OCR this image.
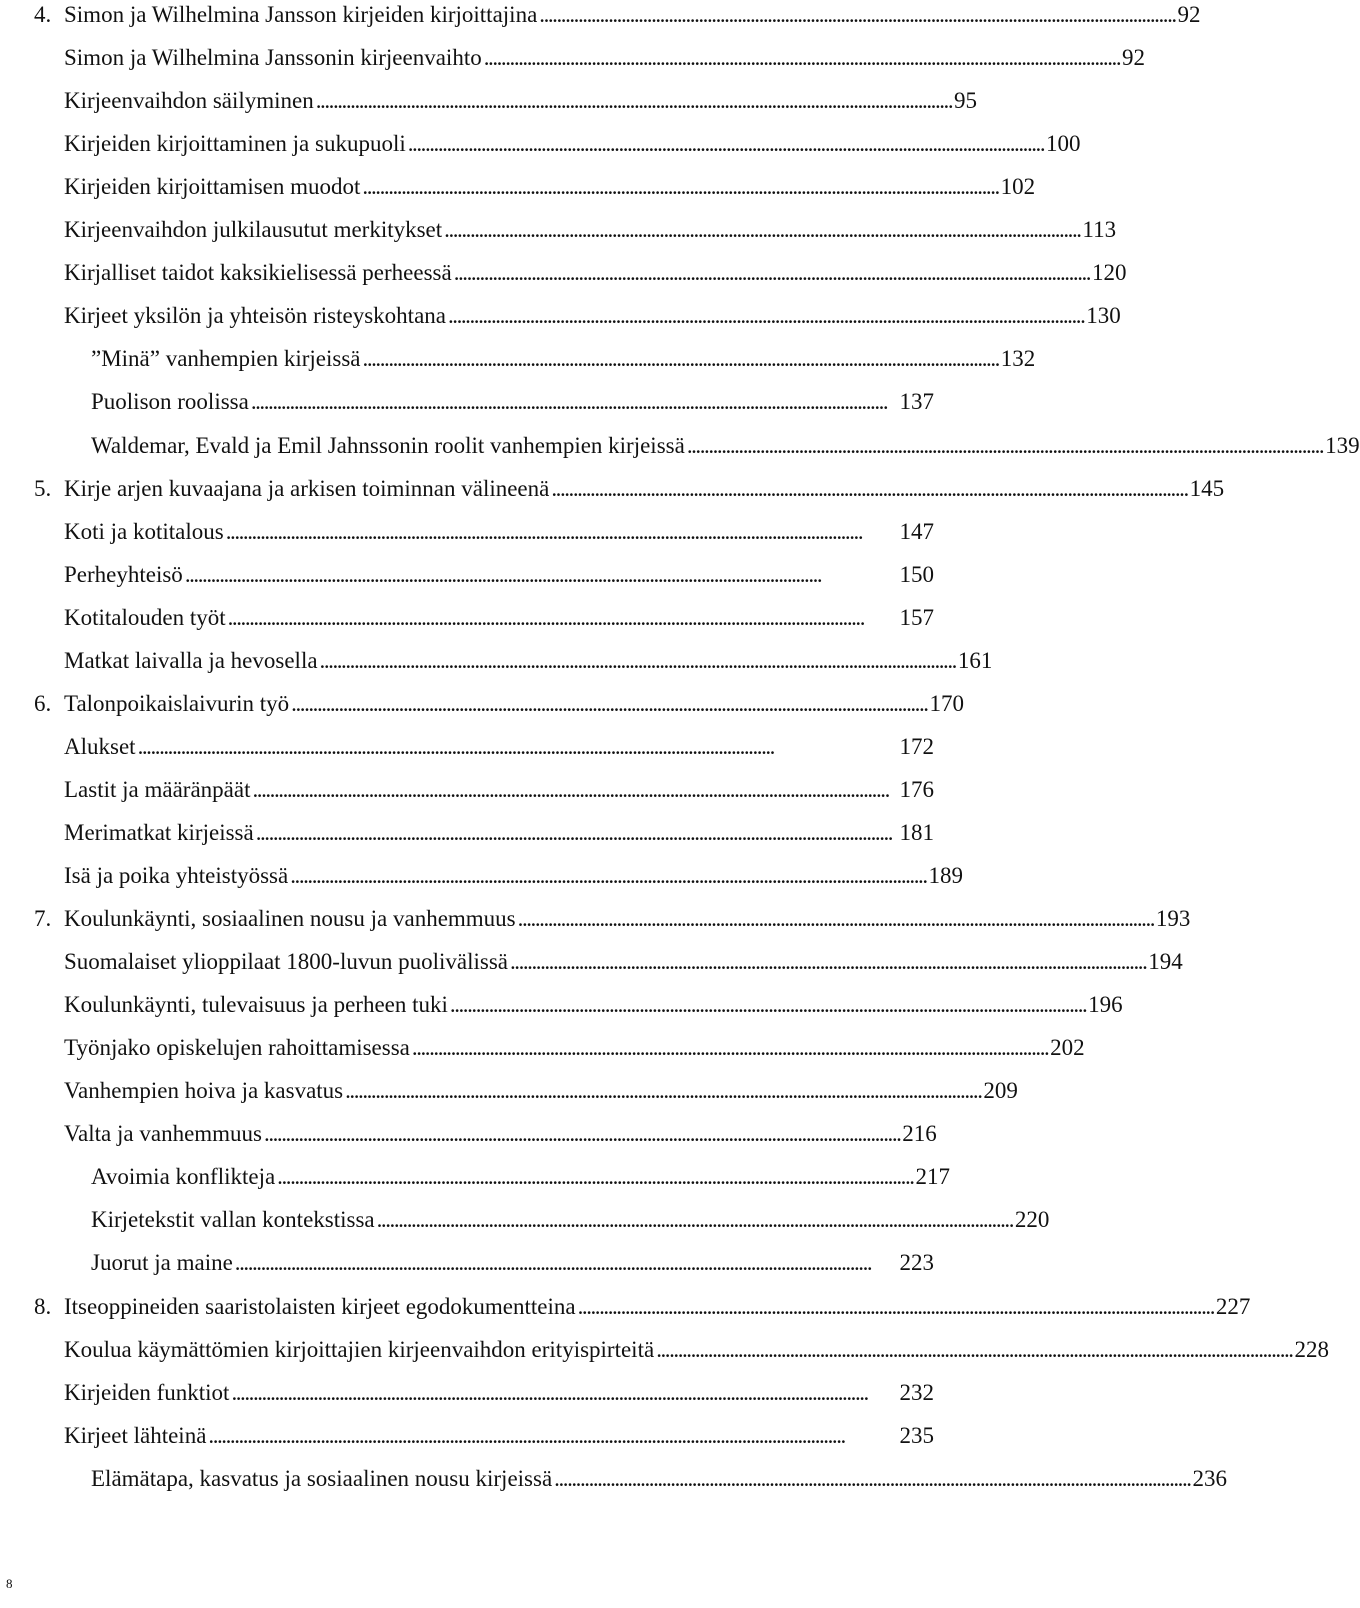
4. Simon ja Wilhelmina Jansson kirjeiden kirjoittajina . . .	92
Simon ja Wilhelmina Janssonin kirjeenvaihto . . .	92
Kirjeenvaihdon säilyminen . . .	95
Kirjeiden kirjoittaminen ja sukupuoli . . .	100
Kirjeiden kirjoittamisen muodot . . .	102
Kirjeenvaihdon julkilausutut merkitykset . . .	113
Kirjalliset taidot kaksikielisessä perheessä . . .	120
Kirjeet yksilön ja yhteisön risteyskohtana . . .	130
”Minä” vanhempien kirjeissä . . .	132
Puolison roolissa . . .	137
Waldemar, Evald ja Emil Jahnssonin roolit vanhempien kirjeissä . . .	139
5. Kirje arjen kuvaajana ja arkisen toiminnan välineenä . . .	145
Koti ja kotitalous . . .	147
Perheyhteisö . . .	150
Kotitalouden työt . . .	157
Matkat laivalla ja hevosella . . .	161
6. Talonpoikaislaivurin työ . . .	170
Alukset . . .	172
Lastit ja määränpäät . . .	176
Merimatkat kirjeissä . . .	181
Isä ja poika yhteistyössä . . .	189
7. Koulunkäynti, sosiaalinen nousu ja vanhemmuus . . .	193
Suomalaiset ylioppilaat 1800-luvun puolivälissä . . .	194
Koulunkäynti, tulevaisuus ja perheen tuki . . .	196
Työnjako opiskelujen rahoittamisessa . . .	202
Vanhempien hoiva ja kasvatus . . .	209
Valta ja vanhemmuus . . .	216
Avoimia konflikteja . . .	217
Kirjetekstit vallan kontekstissa . . .	220
Juorut ja maine . . .	223
8. Itseoppineiden saaristolaisten kirjeet egodokumentteina . . .	227
Koulua käymättömien kirjoittajien kirjeenvaihdon erityispirteitä . . .	228
Kirjeiden funktiot . . .	232
Kirjeet lähteinä . . .	235
Elämätapa, kasvatus ja sosiaalinen nousu kirjeissä . . .	236
8
